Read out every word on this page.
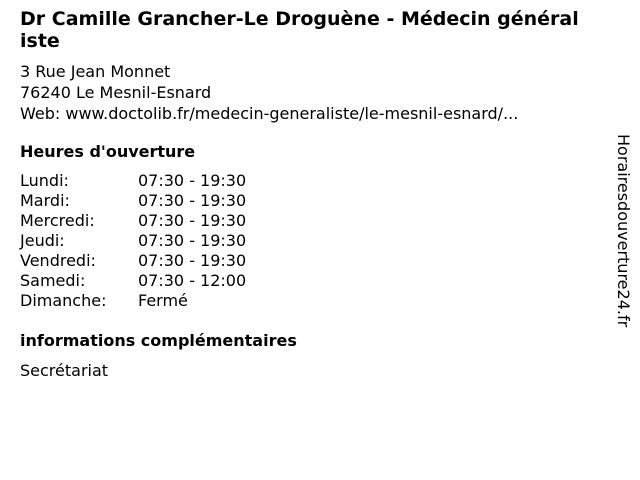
Dr Camille Grancher-Le Droguène - Médecin généraliste
3 Rue Jean Monnet
76240 Le Mesnil-Esnard
Web: www.doctolib.fr/medecin-generaliste/le-mesnil-esnard/...
Heures d'ouverture
Lundi:	07:30 - 19:30
Mardi:	07:30 - 19:30
Mercredi:	07:30 - 19:30
Jeudi:	07:30 - 19:30
Vendredi:	07:30 - 19:30
Samedi:	07:30 - 12:00
Dimanche:	Fermé
informations complémentaires
Secrétariat
Horairesdouverture24.fr
